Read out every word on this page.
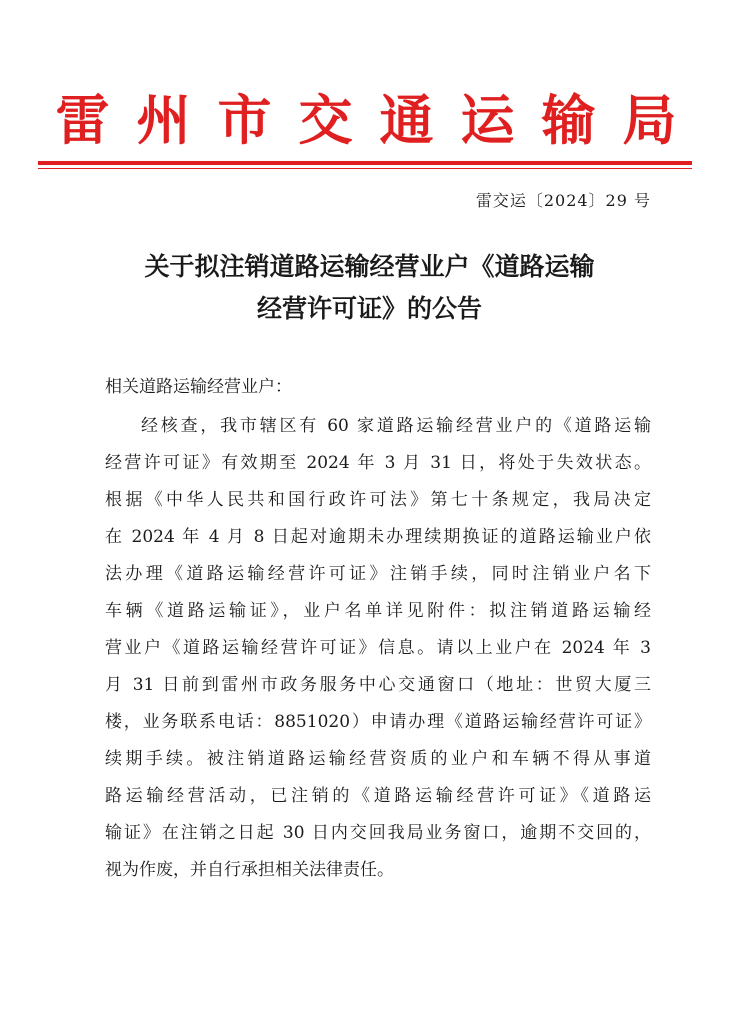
雷州市交通运输局
雷交运〔2024〕29 号
关于拟注销道路运输经营业户《道路运输
经营许可证》的公告
相关道路运输经营业户：
经核查，我市辖区有 60 家道路运输经营业户的《道路运输
经营许可证》有效期至 2024 年 3 月 31 日，将处于失效状态。
根据《中华人民共和国行政许可法》第七十条规定，我局决定
在 2024 年 4 月 8 日起对逾期未办理续期换证的道路运输业户依
法办理《道路运输经营许可证》注销手续，同时注销业户名下
车辆《道路运输证》，业户名单详见附件：拟注销道路运输经
营业户《道路运输经营许可证》信息。请以上业户在 2024 年 3
月 31 日前到雷州市政务服务中心交通窗口（地址：世贸大厦三
楼，业务联系电话：8851020）申请办理《道路运输经营许可证》
续期手续。被注销道路运输经营资质的业户和车辆不得从事道
路运输经营活动，已注销的《道路运输经营许可证》《道路运
输证》在注销之日起 30 日内交回我局业务窗口，逾期不交回的，
视为作废，并自行承担相关法律责任。
